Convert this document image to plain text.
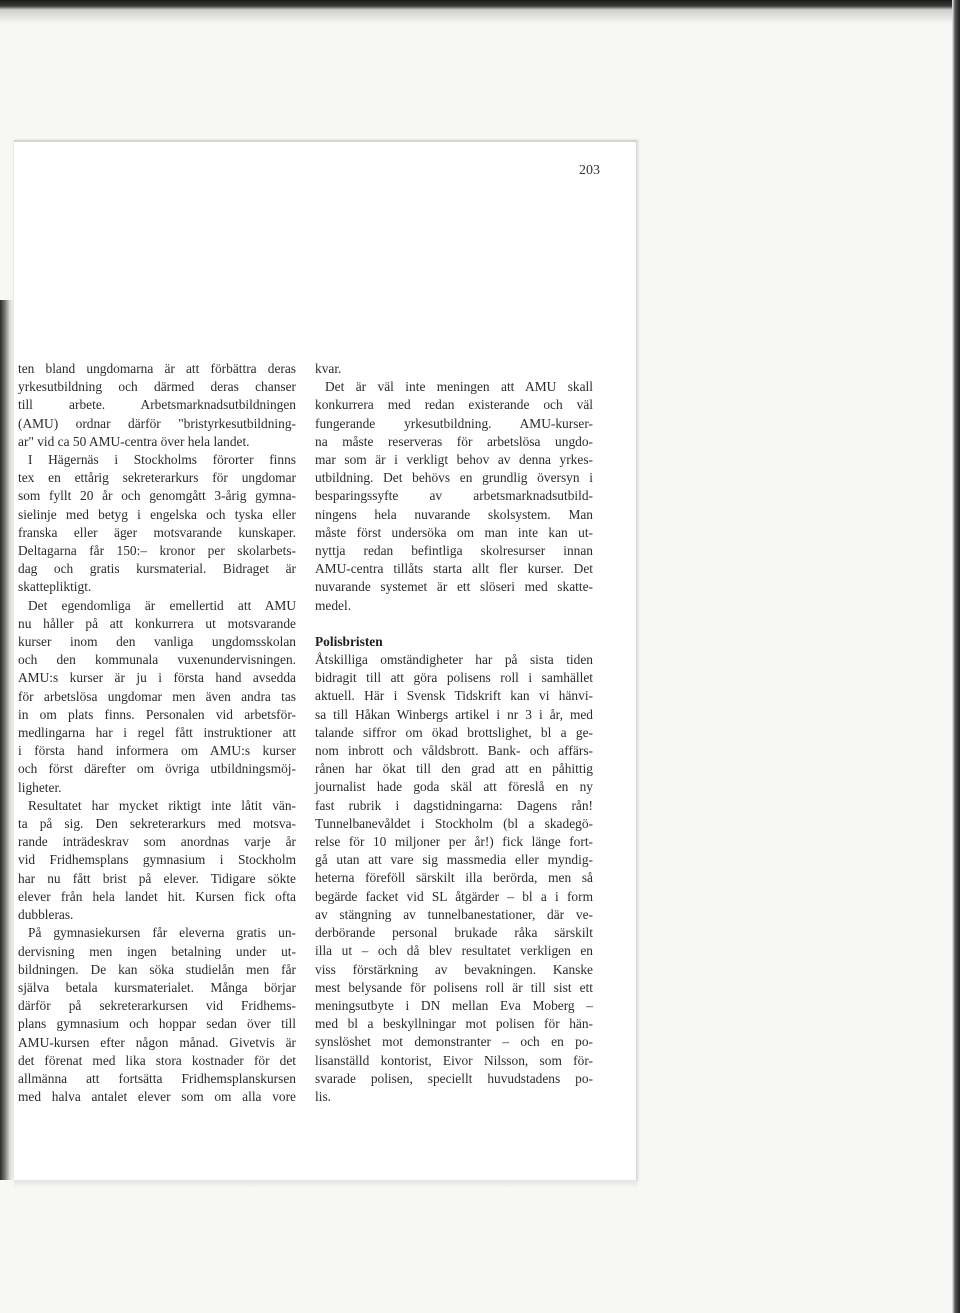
203
ten bland ungdomarna är att förbättra deras
yrkesutbildning och därmed deras chanser
till arbete. Arbetsmarknadsutbildningen
(AMU) ordnar därför "bristyrkesutbildning-
ar" vid ca 50 AMU-centra över hela landet.
I Hägernäs i Stockholms förorter finns
tex en ettårig sekreterarkurs för ungdomar
som fyllt 20 år och genomgått 3-årig gymna-
sielinje med betyg i engelska och tyska eller
franska eller äger motsvarande kunskaper.
Deltagarna får 150:– kronor per skolarbets-
dag och gratis kursmaterial. Bidraget är
skattepliktigt.
Det egendomliga är emellertid att AMU
nu håller på att konkurrera ut motsvarande
kurser inom den vanliga ungdomsskolan
och den kommunala vuxenundervisningen.
AMU:s kurser är ju i första hand avsedda
för arbetslösa ungdomar men även andra tas
in om plats finns. Personalen vid arbetsför-
medlingarna har i regel fått instruktioner att
i första hand informera om AMU:s kurser
och först därefter om övriga utbildningsmöj-
ligheter.
Resultatet har mycket riktigt inte låtit vän-
ta på sig. Den sekreterarkurs med motsva-
rande inträdeskrav som anordnas varje år
vid Fridhemsplans gymnasium i Stockholm
har nu fått brist på elever. Tidigare sökte
elever från hela landet hit. Kursen fick ofta
dubbleras.
På gymnasiekursen får eleverna gratis un-
dervisning men ingen betalning under ut-
bildningen. De kan söka studielån men får
själva betala kursmaterialet. Många börjar
därför på sekreterarkursen vid Fridhems-
plans gymnasium och hoppar sedan över till
AMU-kursen efter någon månad. Givetvis är
det förenat med lika stora kostnader för det
allmänna att fortsätta Fridhemsplanskursen
med halva antalet elever som om alla vore
kvar.
Det är väl inte meningen att AMU skall
konkurrera med redan existerande och väl
fungerande yrkesutbildning. AMU-kurser-
na måste reserveras för arbetslösa ungdo-
mar som är i verkligt behov av denna yrkes-
utbildning. Det behövs en grundlig översyn i
besparingssyfte av arbetsmarknadsutbild-
ningens hela nuvarande skolsystem. Man
måste först undersöka om man inte kan ut-
nyttja redan befintliga skolresurser innan
AMU-centra tillåts starta allt fler kurser. Det
nuvarande systemet är ett slöseri med skatte-
medel.

Polisbristen

Åtskilliga omständigheter har på sista tiden
bidragit till att göra polisens roll i samhället
aktuell. Här i Svensk Tidskrift kan vi hänvi-
sa till Håkan Winbergs artikel i nr 3 i år, med
talande siffror om ökad brottslighet, bl a ge-
nom inbrott och våldsbrott. Bank- och affärs-
rånen har ökat till den grad att en påhittig
journalist hade goda skäl att föreslå en ny
fast rubrik i dagstidningarna: Dagens rån!
Tunnelbanevåldet i Stockholm (bl a skadegö-
relse för 10 miljoner per år!) fick länge fort-
gå utan att vare sig massmedia eller myndig-
heterna föreföll särskilt illa berörda, men så
begärde facket vid SL åtgärder – bl a i form
av stängning av tunnelbanestationer, där ve-
derbörande personal brukade råka särskilt
illa ut – och då blev resultatet verkligen en
viss förstärkning av bevakningen. Kanske
mest belysande för polisens roll är till sist ett
meningsutbyte i DN mellan Eva Moberg –
med bl a beskyllningar mot polisen för hän-
synslöshet mot demonstranter – och en po-
lisanställd kontorist, Eivor Nilsson, som för-
svarade polisen, speciellt huvudstadens po-
lis.
